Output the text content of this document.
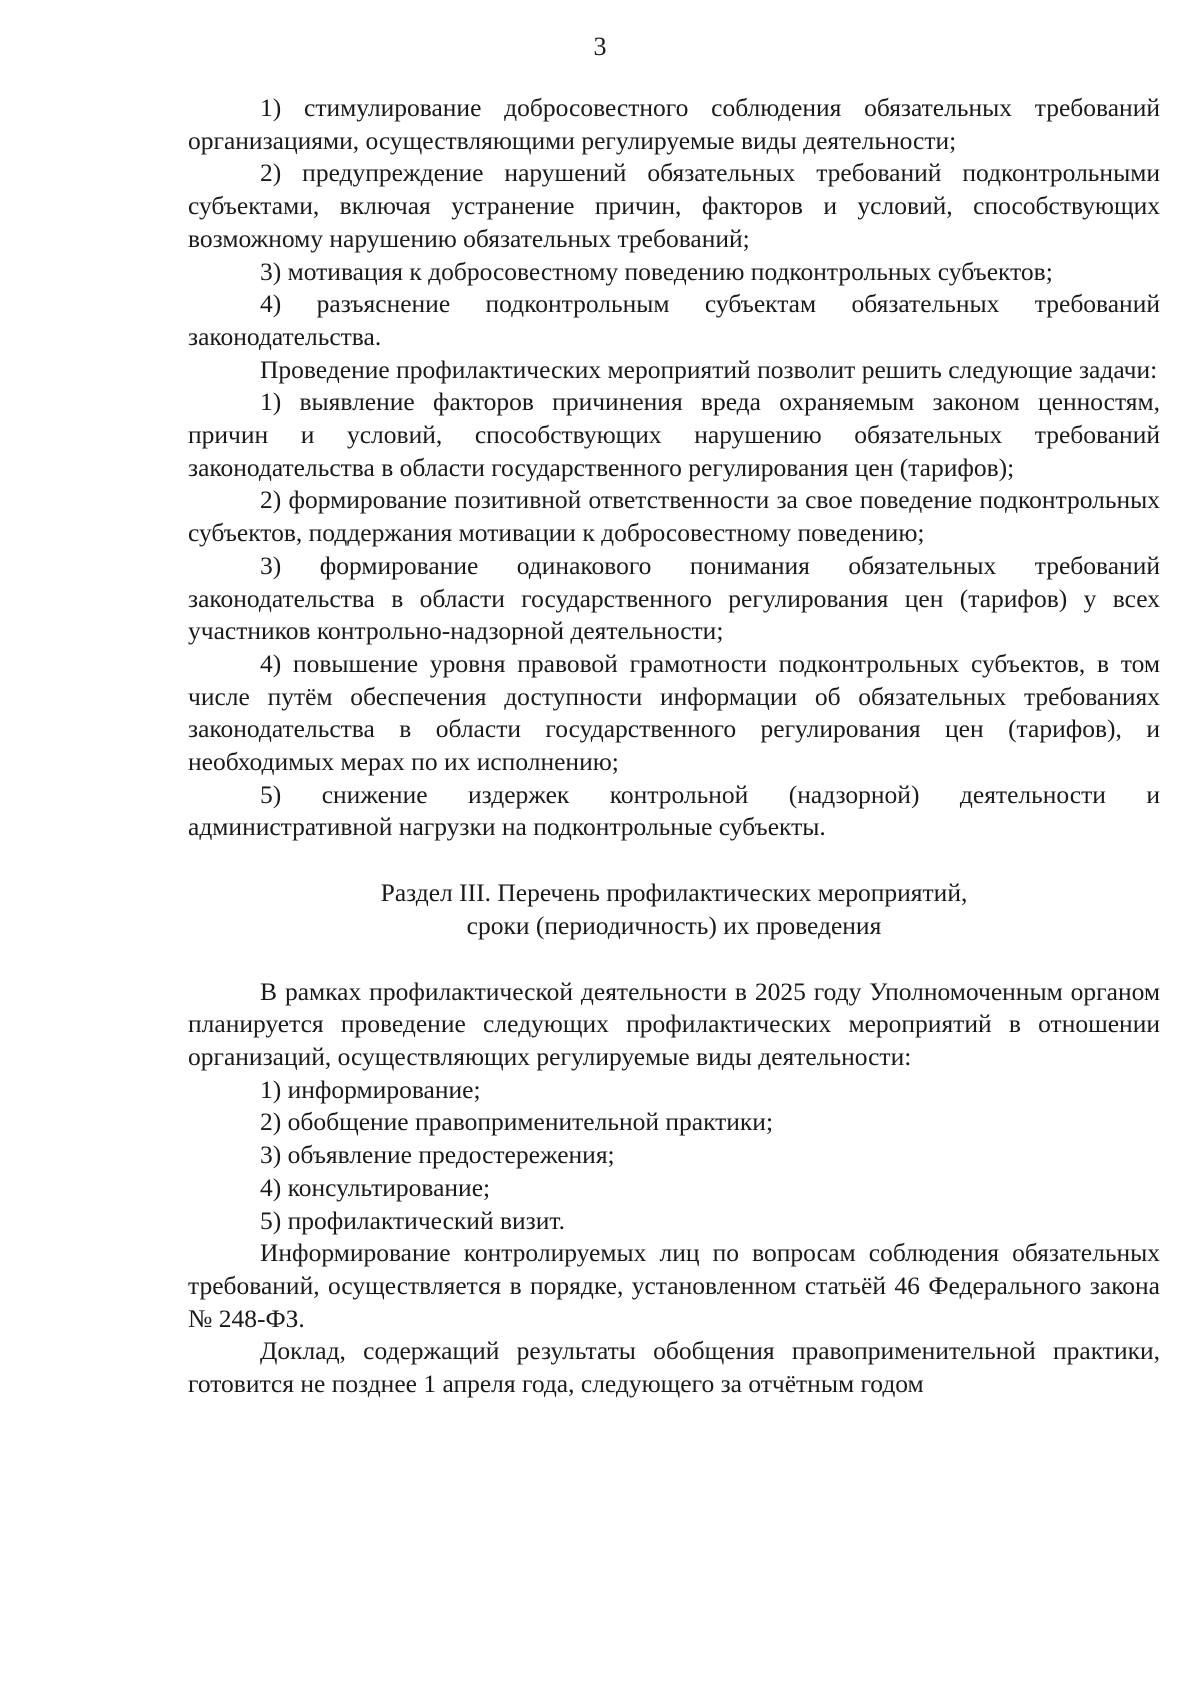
3

1) стимулирование добросовестного соблюдения обязательных требований организациями, осуществляющими регулируемые виды деятельности;

2) предупреждение нарушений обязательных требований подконтрольными субъектами, включая устранение причин, факторов и условий, способствующих возможному нарушению обязательных требований;

3) мотивация к добросовестному поведению подконтрольных субъектов;

4) разъяснение подконтрольным субъектам обязательных требований законодательства.

Проведение профилактических мероприятий позволит решить следующие задачи:

1) выявление факторов причинения вреда охраняемым законом ценностям, причин и условий, способствующих нарушению обязательных требований законодательства в области государственного регулирования цен (тарифов);

2) формирование позитивной ответственности за свое поведение подконтрольных субъектов, поддержания мотивации к добросовестному поведению;

3) формирование одинакового понимания обязательных требований законодательства в области государственного регулирования цен (тарифов) у всех участников контрольно-надзорной деятельности;

4) повышение уровня правовой грамотности подконтрольных субъектов, в том числе путём обеспечения доступности информации об обязательных требованиях законодательства в области государственного регулирования цен (тарифов), и необходимых мерах по их исполнению;

5) снижение издержек контрольной (надзорной) деятельности и административной нагрузки на подконтрольные субъекты.

Раздел III. Перечень профилактических мероприятий,
сроки (периодичность) их проведения

В рамках профилактической деятельности в 2025 году Уполномоченным органом планируется проведение следующих профилактических мероприятий в отношении организаций, осуществляющих регулируемые виды деятельности:

1) информирование;

2) обобщение правоприменительной практики;

3) объявление предостережения;

4) консультирование;

5) профилактический визит.

Информирование контролируемых лиц по вопросам соблюдения обязательных требований, осуществляется в порядке, установленном статьёй 46 Федерального закона № 248-ФЗ.

Доклад, содержащий результаты обобщения правоприменительной практики, готовится не позднее 1 апреля года, следующего за отчётным годом
